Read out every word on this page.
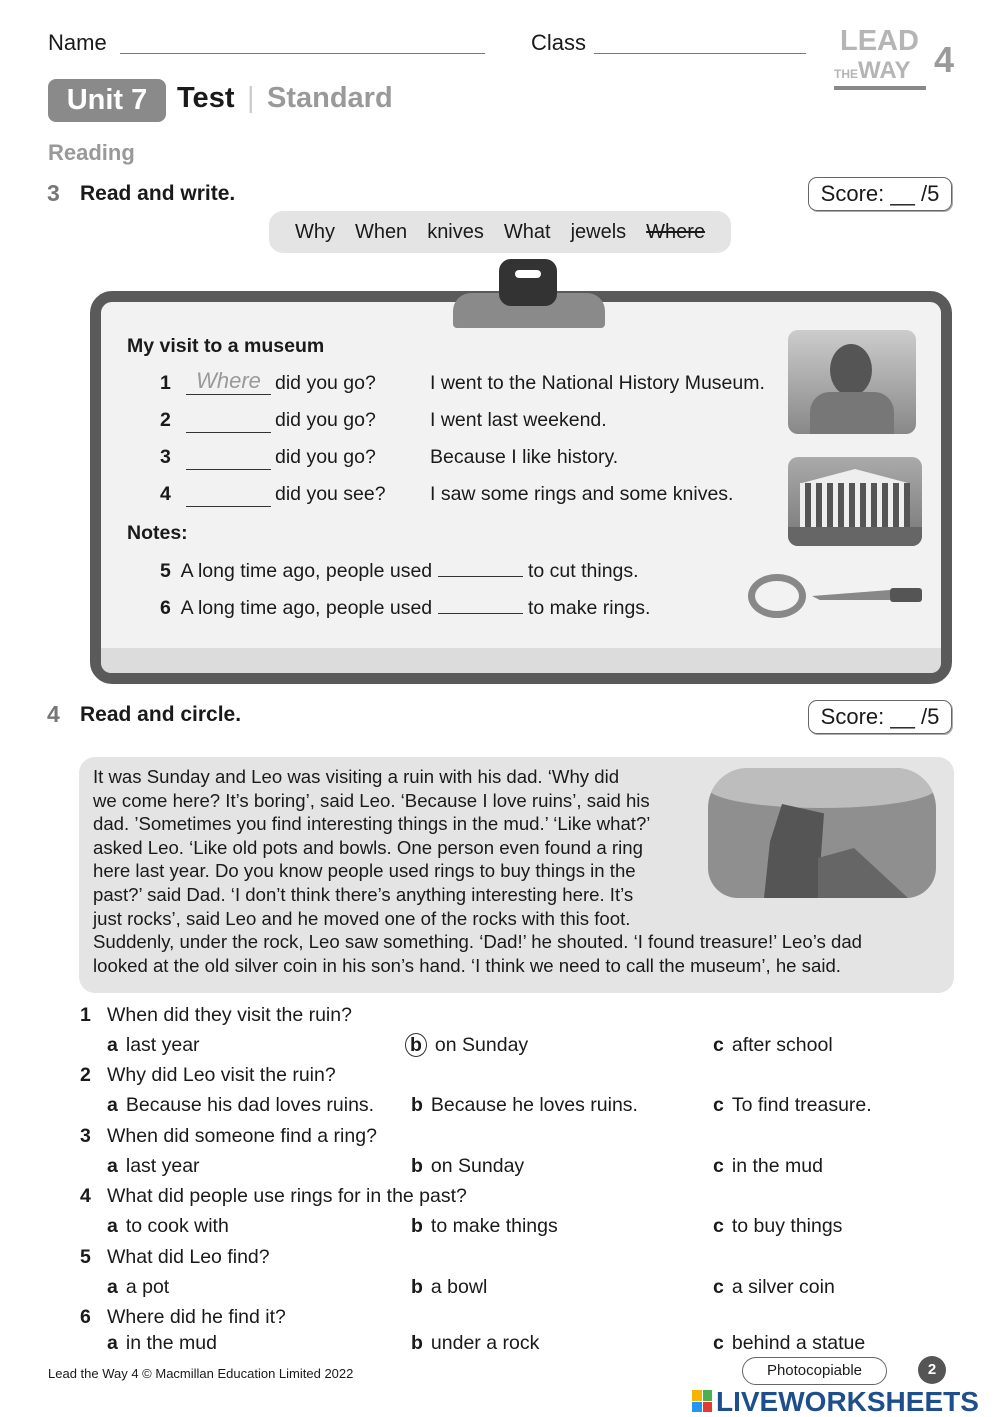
Name	Class	LEAD
THEWAY 4
Unit 7	Test | Standard
Reading
3 Read and write.	Score: __ /5
Why When knives What jewels Where
My visit to a museum
1	Where did you go?	I went to the National History Museum.
2	did you go?	I went last weekend.
3	did you go?	Because I like history.
4	did you see? I saw some rings and some knives.
Notes:
5 A long time ago, people used	to cut things.
6 A long time ago, people used	to make rings.
4 Read and circle.	Score: __ /5
It was Sunday and Leo was visiting a ruin with his dad. ‘Why did
we come here? It’s boring’, said Leo. ‘Because I love ruins’, said his
dad. ’Sometimes you find interesting things in the mud.’ ‘Like what?’
asked Leo. ‘Like old pots and bowls. One person even found a ring
here last year. Do you know people used rings to buy things in the
past?’ said Dad. ‘I don’t think there’s anything interesting here. It’s
just rocks’, said Leo and he moved one of the rocks with this foot.
Suddenly, under the rock, Leo saw something. ‘Dad!’ he shouted. ‘I found treasure!’ Leo’s dad
looked at the old silver coin in his son’s hand. ‘I think we need to call the museum’, he said.
1 When did they visit the ruin?
a last year	b on Sunday	c after school
2 Why did Leo visit the ruin?
a Because his dad loves ruins. b Because he loves ruins.	c To find treasure.
3 When did someone find a ring?
a last year	b on Sunday	c in the mud
4 What did people use rings for in the past?
a to cook with	b to make things	c to buy things
5 What did Leo find?
a a pot	b a bowl	c a silver coin
6 Where did he find it?
a in the mud	b under a rock	c behind a statue
Lead the Way 4 © Macmillan Education Limited 2022	Photocopiable	2
LIVEWORKSHEETS
